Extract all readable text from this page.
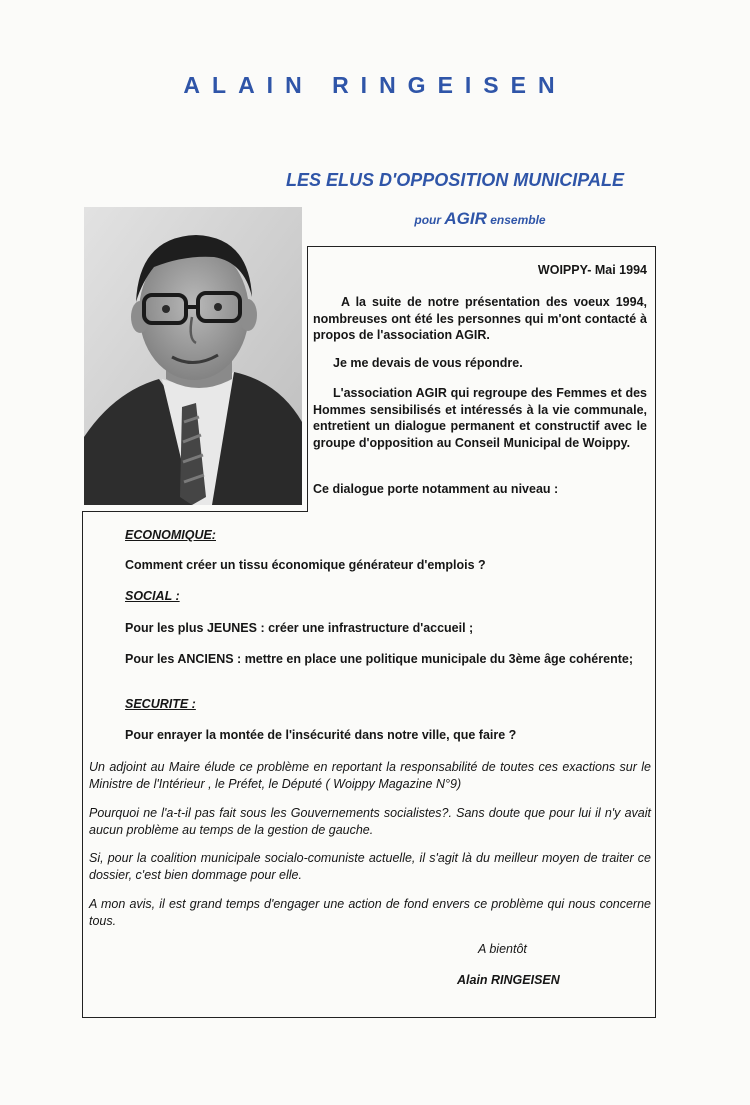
ALAIN RINGEISEN
LES ELUS D'OPPOSITION MUNICIPALE
pour AGIR ensemble
WOIPPY- Mai 1994

A la suite de notre présentation des voeux 1994, nombreuses ont été les personnes qui m'ont contacté à propos de l'association AGIR.

Je me devais de vous répondre.

L'association AGIR qui regroupe des Femmes et des Hommes sensibilisés et intéressés à la vie communale, entretient un dialogue permanent et constructif avec le groupe d'opposition au Conseil Municipal de Woippy.

Ce dialogue porte notamment au niveau :

ECONOMIQUE:

Comment créer un tissu économique générateur d'emplois ?

SOCIAL :

Pour les plus JEUNES : créer une infrastructure d'accueil ;

Pour les ANCIENS : mettre en place une politique municipale du 3ème âge cohérente;

SECURITE :

Pour enrayer la montée de l'insécurité dans notre ville, que faire ?

Un adjoint au Maire élude ce problème en reportant la responsabilité de toutes ces exactions sur le Ministre de l'Intérieur , le Préfet, le Député ( Woippy Magazine N°9)

Pourquoi ne l'a-t-il pas fait sous les Gouvernements socialistes?. Sans doute que pour lui il n'y avait aucun problème au temps de la gestion de gauche.

Si, pour la coalition municipale socialo-comuniste actuelle, il s'agit là du meilleur moyen de traiter ce dossier, c'est bien dommage pour elle.

A mon avis, il est grand temps d'engager une action de fond envers ce problème qui nous concerne tous.

A bientôt
Alain RINGEISEN
